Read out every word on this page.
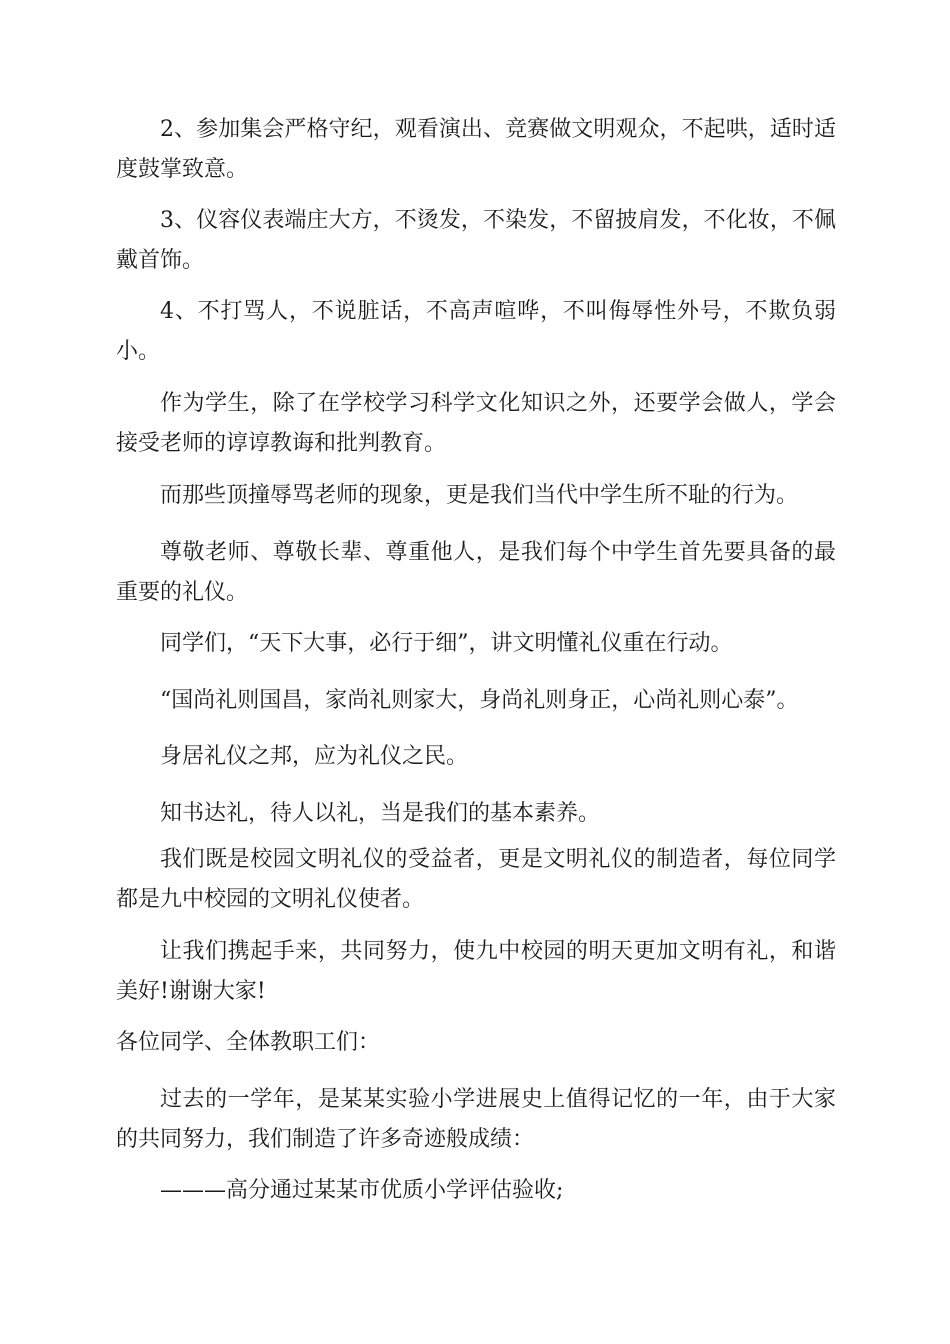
2、参加集会严格守纪，观看演出、竞赛做文明观众，不起哄，适时适度鼓掌致意。

3、仪容仪表端庄大方，不烫发，不染发，不留披肩发，不化妆，不佩戴首饰。

4、不打骂人，不说脏话，不高声喧哗，不叫侮辱性外号，不欺负弱小。

作为学生，除了在学校学习科学文化知识之外，还要学会做人，学会接受老师的谆谆教诲和批判教育。

而那些顶撞辱骂老师的现象，更是我们当代中学生所不耻的行为。

尊敬老师、尊敬长辈、尊重他人，是我们每个中学生首先要具备的最重要的礼仪。

同学们，“天下大事，必行于细”，讲文明懂礼仪重在行动。

“国尚礼则国昌，家尚礼则家大，身尚礼则身正，心尚礼则心泰”。

身居礼仪之邦，应为礼仪之民。

知书达礼，待人以礼，当是我们的基本素养。

我们既是校园文明礼仪的受益者，更是文明礼仪的制造者，每位同学都是九中校园的文明礼仪使者。

让我们携起手来，共同努力，使九中校园的明天更加文明有礼，和谐美好!谢谢大家!

各位同学、全体教职工们：

过去的一学年，是某某实验小学进展史上值得记忆的一年，由于大家的共同努力，我们制造了许多奇迹般成绩：

———高分通过某某市优质小学评估验收;
